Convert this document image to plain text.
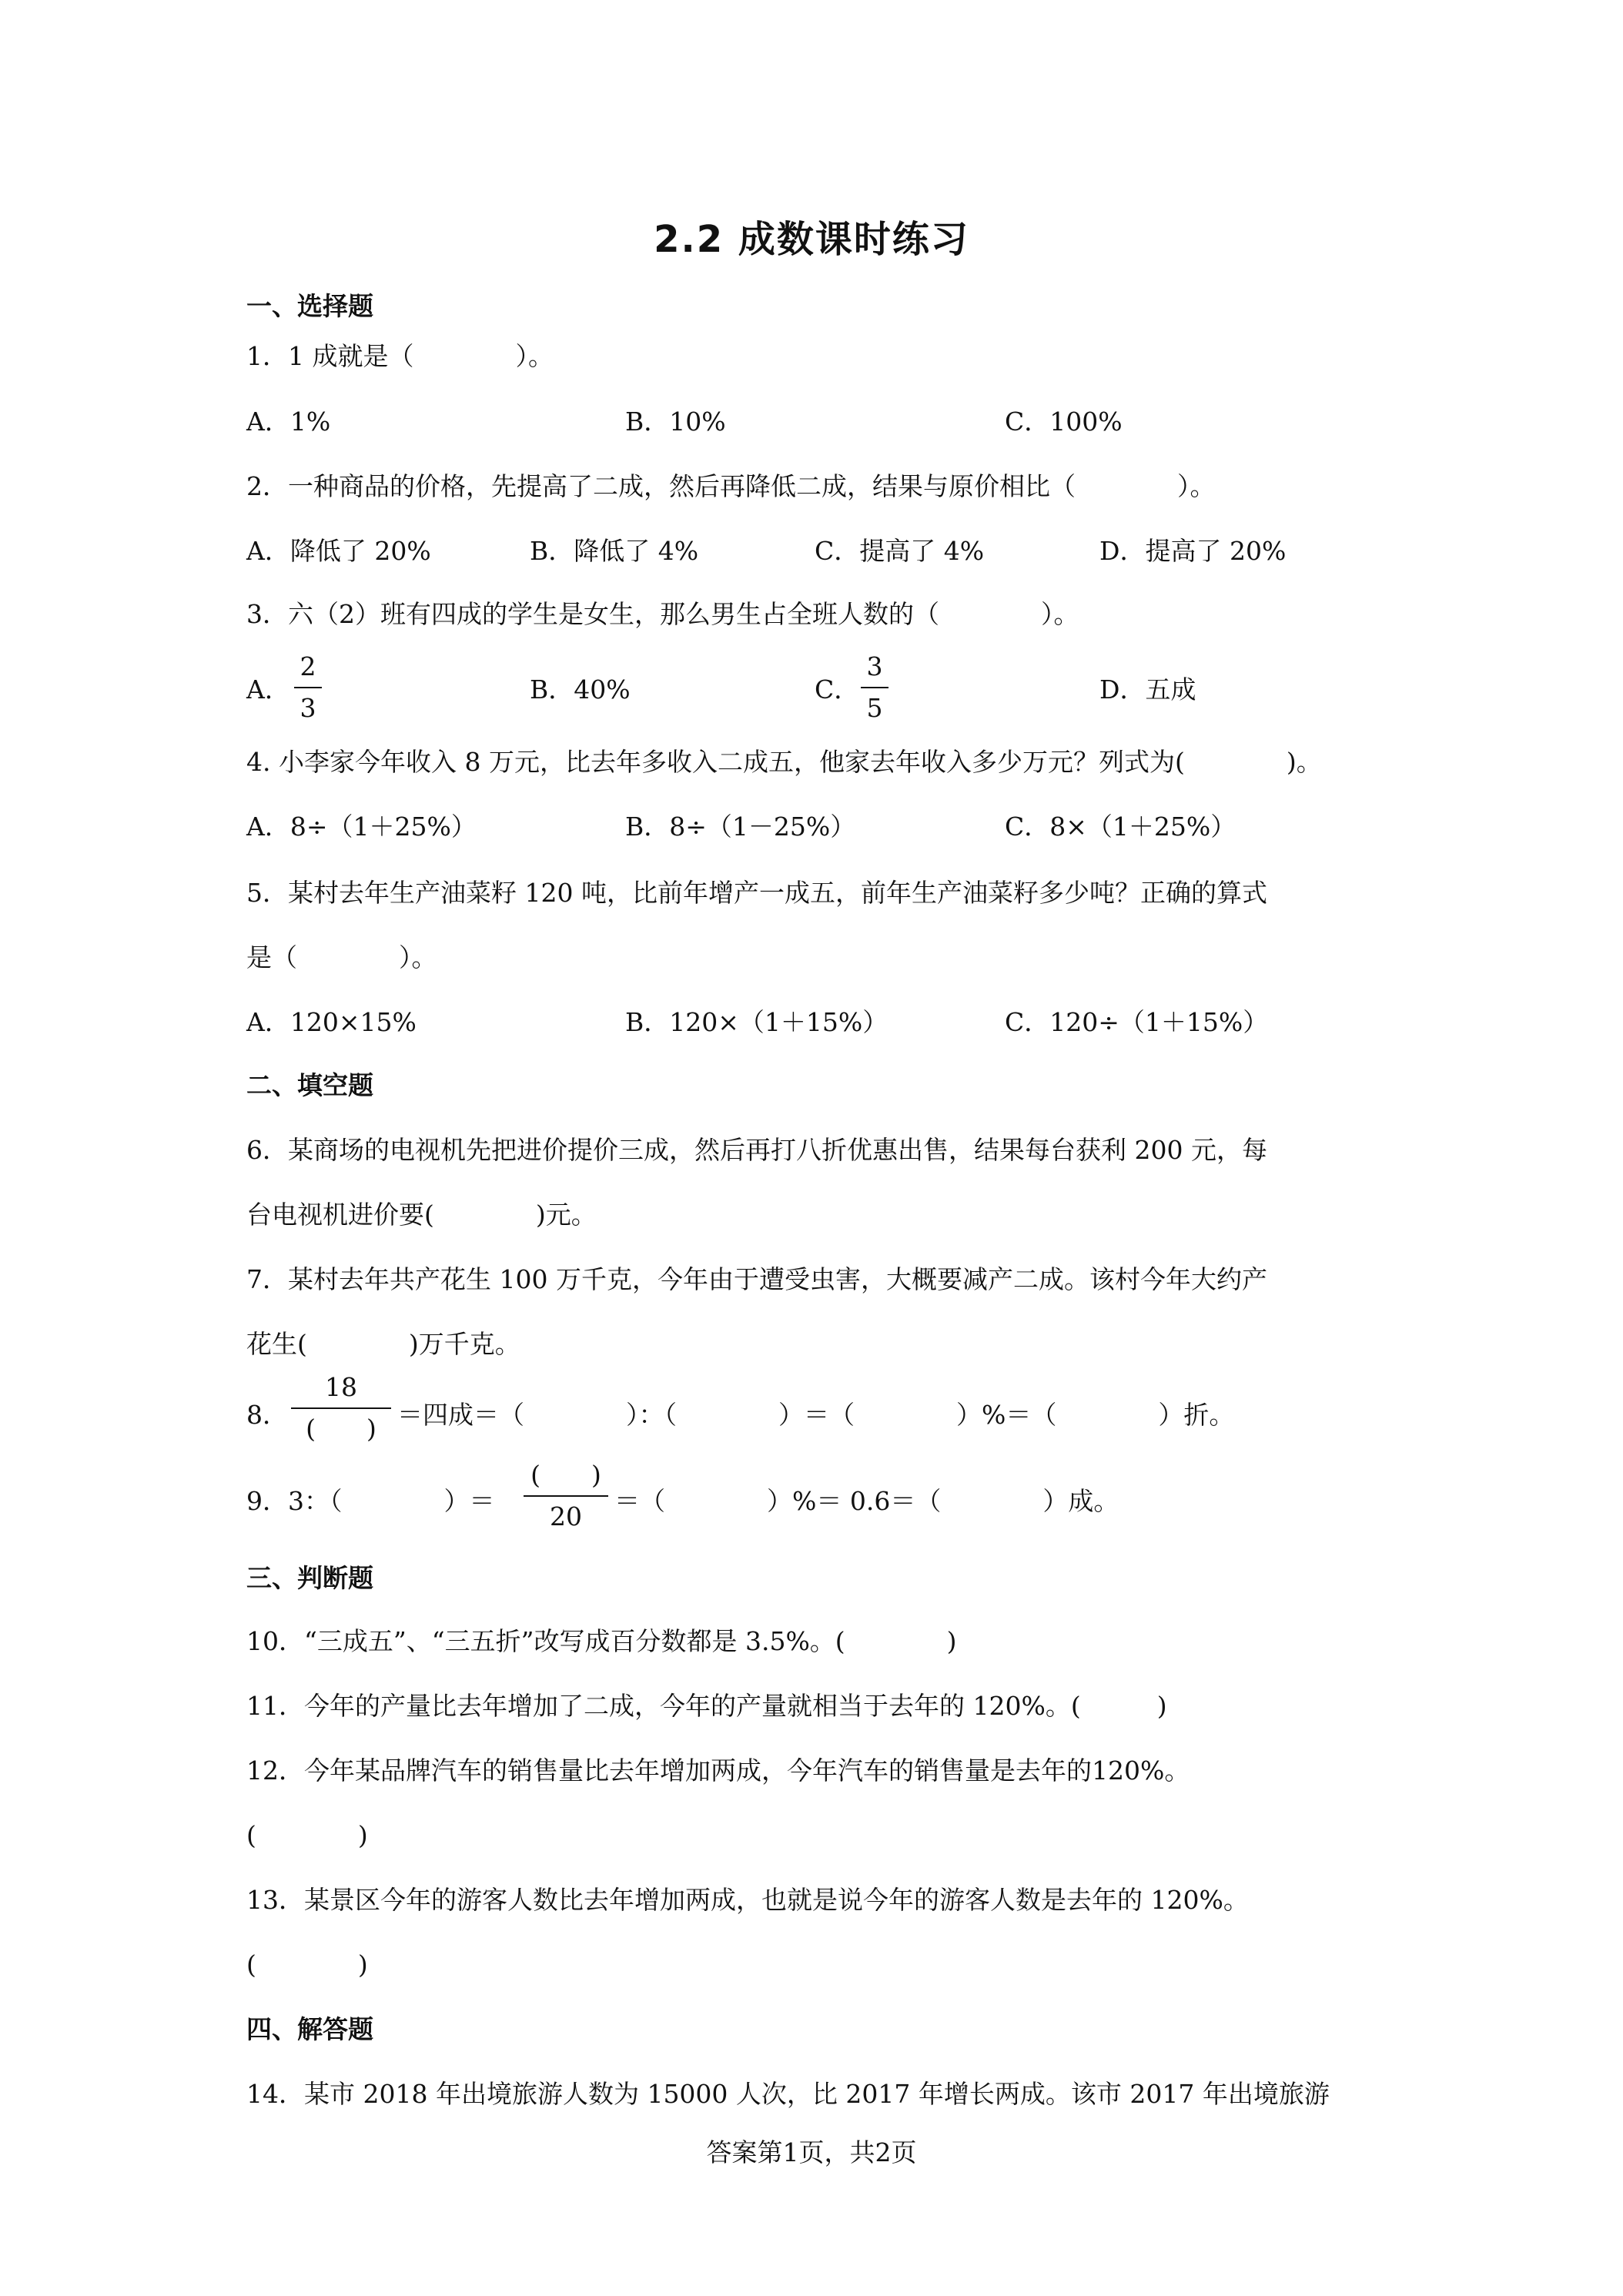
2.2 成数课时练习
一、选择题
1．1 成就是（　　　　）。
A．1%	B．10%	C．100%
2．一种商品的价格，先提高了二成，然后再降低二成，结果与原价相比（　　　　）。
A．降低了 20%	B．降低了 4%	C．提高了 4%	D．提高了 20%
3．六（2）班有四成的学生是女生，那么男生占全班人数的（　　　　）。
A．
2
3
B．40%	C．
3
5
D．五成
4. 小李家今年收入 8 万元，比去年多收入二成五，他家去年收入多少万元？列式为(　　　　)。
A．8÷（1＋25%）	B．8÷（1－25%）	C．8×（1＋25%）
5．某村去年生产油菜籽 120 吨，比前年增产一成五，前年生产油菜籽多少吨？正确的算式
是（　　　　）。
A．120×15%	B．120×（1＋15%）	C．120÷（1＋15%）
二、填空题
6．某商场的电视机先把进价提价三成，然后再打八折优惠出售，结果每台获利 200 元，每
台电视机进价要(　　　　)元。
7．某村去年共产花生 100 万千克，今年由于遭受虫害，大概要减产二成。该村今年大约产
花生(　　　　)万千克。
8．
18
(　　) ＝四成＝（　　　　）：（　　　　）＝（　　　　）%＝（　　　　）折。
9．3：（　　　　）＝
(　　)
20
＝（　　　　）%＝ 0.6＝（　　　　）成。
三、判断题
10．“三成五”、“三五折”改写成百分数都是 3.5%。(　　　　)
11．今年的产量比去年增加了二成，今年的产量就相当于去年的 120%。(　　　)
12．今年某品牌汽车的销售量比去年增加两成，今年汽车的销售量是去年的120%。
(　　　　)
13．某景区今年的游客人数比去年增加两成，也就是说今年的游客人数是去年的 120%。
(　　　　)
四、解答题
14．某市 2018 年出境旅游人数为 15000 人次，比 2017 年增长两成。该市 2017 年出境旅游
答案第1页，共2页
